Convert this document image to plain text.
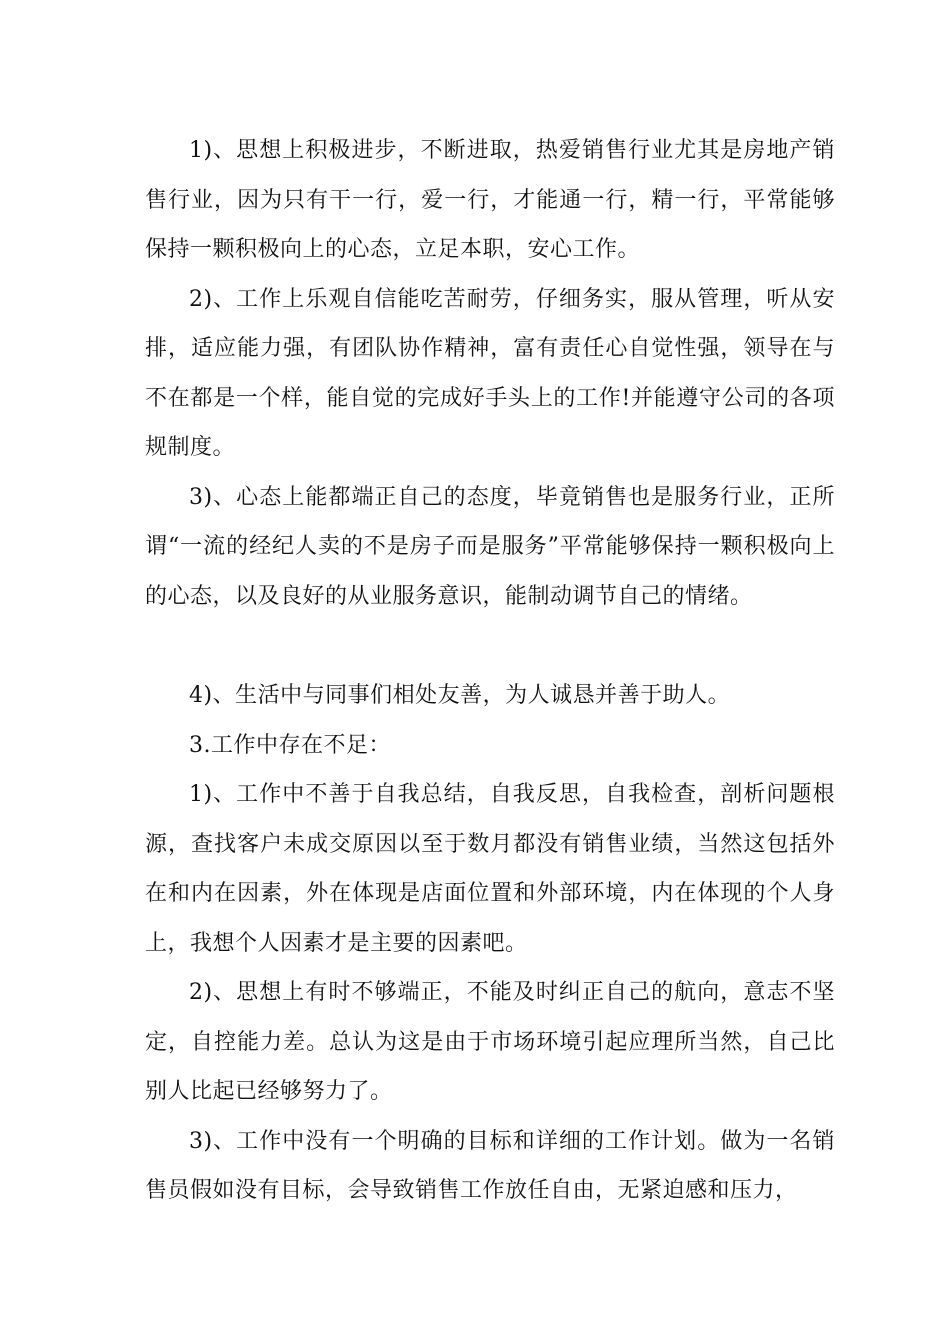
1)、思想上积极进步，不断进取，热爱销售行业尤其是房地产销售行业，因为只有干一行，爱一行，才能通一行，精一行，平常能够保持一颗积极向上的心态，立足本职，安心工作。

2)、工作上乐观自信能吃苦耐劳，仔细务实，服从管理，听从安排，适应能力强，有团队协作精神，富有责任心自觉性强，领导在与不在都是一个样，能自觉的完成好手头上的工作!并能遵守公司的各项规制度。

3)、心态上能都端正自己的态度，毕竟销售也是服务行业，正所谓“一流的经纪人卖的不是房子而是服务”平常能够保持一颗积极向上的心态，以及良好的从业服务意识，能制动调节自己的情绪。

4)、生活中与同事们相处友善，为人诚恳并善于助人。

3.工作中存在不足：

1)、工作中不善于自我总结，自我反思，自我检查，剖析问题根源，查找客户未成交原因以至于数月都没有销售业绩，当然这包括外在和内在因素，外在体现是店面位置和外部环境，内在体现的个人身上，我想个人因素才是主要的因素吧。

2)、思想上有时不够端正，不能及时纠正自己的航向，意志不坚定，自控能力差。总认为这是由于市场环境引起应理所当然，自己比别人比起已经够努力了。

3)、工作中没有一个明确的目标和详细的工作计划。做为一名销售员假如没有目标，会导致销售工作放任自由，无紧迫感和压力，
